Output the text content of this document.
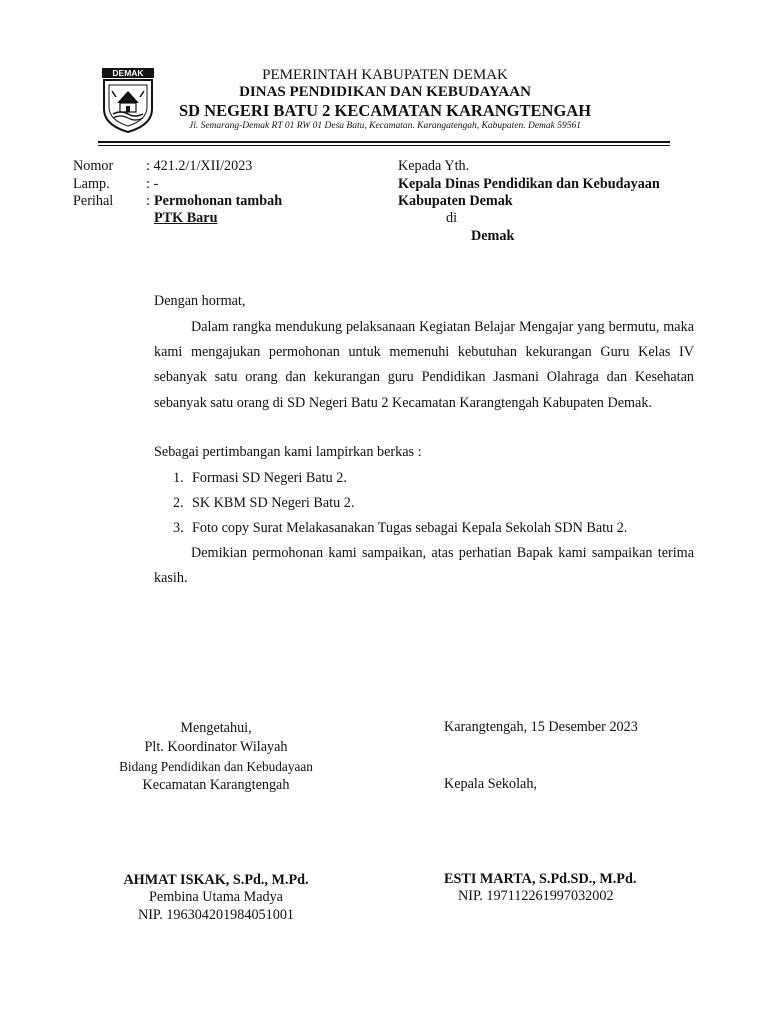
DEMAK	PEMERINTAH KABUPATEN DEMAK
DINAS PENDIDIKAN DAN KEBUDAYAAN
SD NEGERI BATU 2 KECAMATAN KARANGTENGAH
Jl. Semarang-Demak RT 01 RW 01 Desa Batu, Kecamatan. Karangatengah, Kabupaten. Demak 59561
Nomor : 421.2/1/XII/2023
Lamp.	: -
Perihal : Permohonan tambah
PTK Baru
Kepada Yth.
Kepala Dinas Pendidikan dan Kebudayaan
Kabupaten Demak
di
Demak
Dengan hormat,

Dalam rangka mendukung pelaksanaan Kegiatan Belajar Mengajar yang bermutu, maka kami mengajukan permohonan untuk memenuhi kebutuhan kekurangan Guru Kelas IV sebanyak satu orang dan kekurangan guru Pendidikan Jasmani Olahraga dan Kesehatan sebanyak satu orang di SD Negeri Batu 2 Kecamatan Karangtengah Kabupaten Demak.

Sebagai pertimbangan kami lampirkan berkas :
1. Formasi SD Negeri Batu 2.
2. SK KBM SD Negeri Batu 2.
3. Foto copy Surat Melakasanakan Tugas sebagai Kepala Sekolah SDN Batu 2.

Demikian permohonan kami sampaikan, atas perhatian Bapak kami sampaikan terima kasih.

Mengetahui,
Plt. Koordinator Wilayah
Bidang Pendidikan dan Kebudayaan
Kecamatan Karangtengah
AHMAT ISKAK, S.Pd., M.Pd.
Pembina Utama Madya
NIP. 196304201984051001
Karangtengah, 15 Desember 2023
Kepala Sekolah,
ESTI MARTA, S.Pd.SD., M.Pd.
NIP. 197112261997032002
